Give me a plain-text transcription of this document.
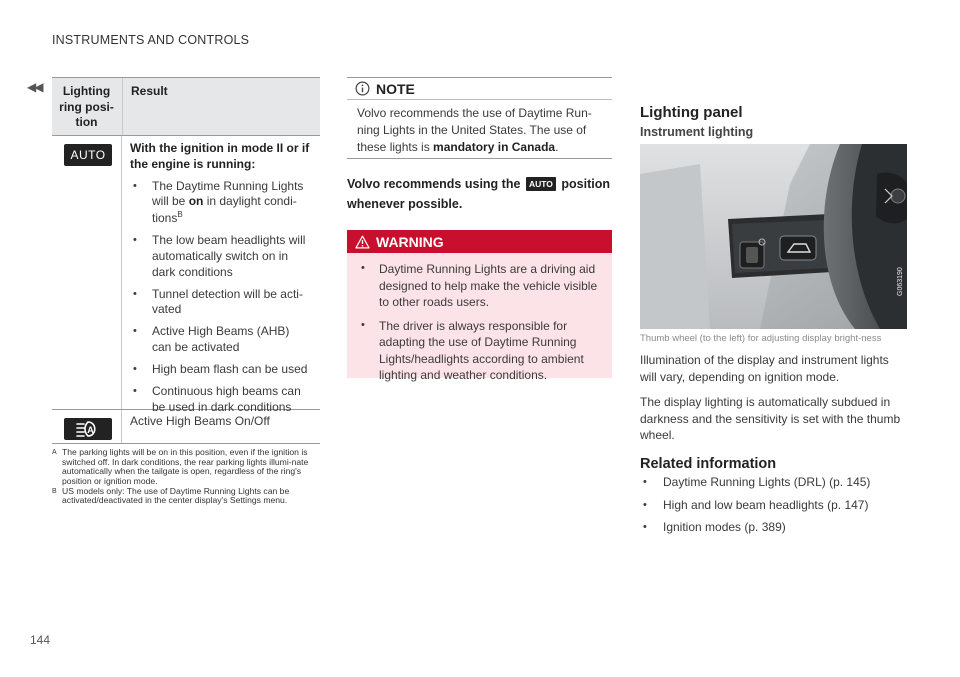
◀◀
INSTRUMENTS AND CONTROLS
Lighting ring posi-tion
Result
AUTO With the ignition in mode II or if the engine is running:
• The Daytime Running Lights will be on in daylight condi-tions$^B$
• The low beam headlights will automatically switch on in dark conditions
• Tunnel detection will be acti-vated
• Active High Beams (AHB) can be activated
• High beam flash can be used
• Continuous high beams can be used in dark conditions
A
Active High Beams On/Off
A The parking lights will be on in this position, even if the ignition is switched off. In dark conditions, the rear parking lights illumi-nate automatically when the tailgate is open, regardless of the ring's position or ignition mode.
B US models only: The use of Daytime Running Lights can be activated/deactivated in the center display's Settings menu.
NOTE
Volvo recommends the use of Daytime Run-ning Lights in the United States. The use of these lights is mandatory in Canada.
Volvo recommends using the AUTO position whenever possible.
WARNING
• Daytime Running Lights are a driving aid designed to help make the vehicle visible to other roads users.
• The driver is always responsible for adapting the use of Daytime Running Lights/headlights according to ambient lighting and weather conditions.
Lighting panel
Instrument lighting
G063190
Thumb wheel (to the left) for adjusting display bright-ness
Illumination of the display and instrument lights will vary, depending on ignition mode.
The display lighting is automatically subdued in darkness and the sensitivity is set with the thumb wheel.
Related information
• Daytime Running Lights (DRL) (p. 145)
• High and low beam headlights (p. 147)
• Ignition modes (p. 389)
144
